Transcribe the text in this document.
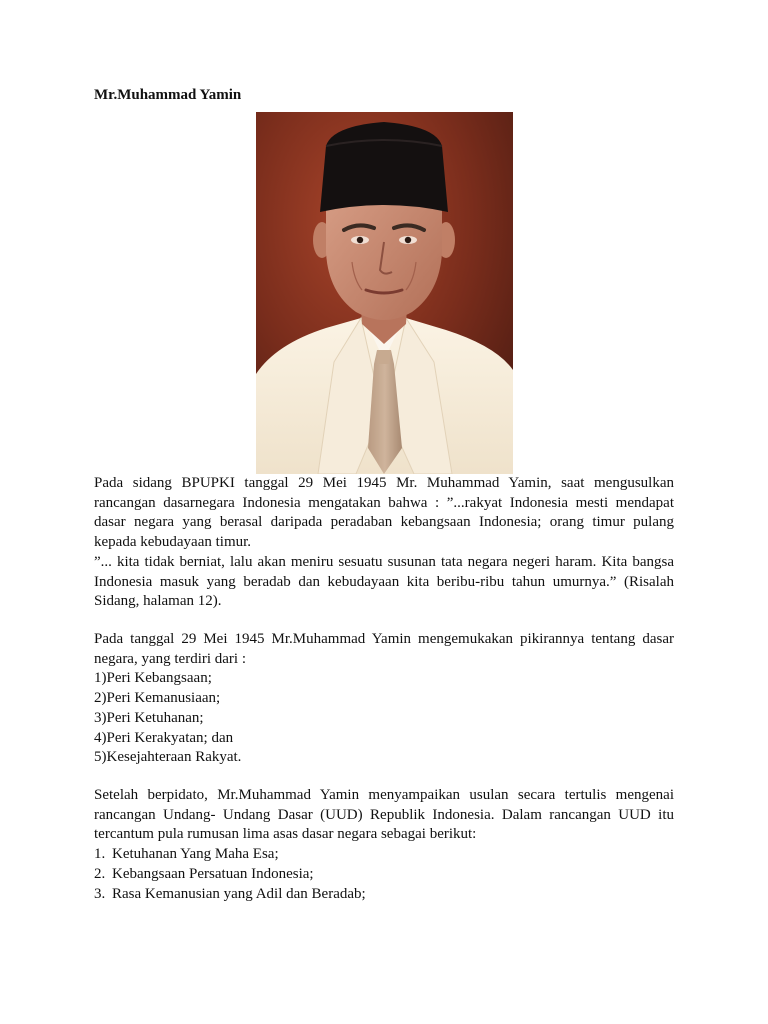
Mr.Muhammad Yamin
Pada sidang BPUPKI tanggal 29 Mei 1945 Mr. Muhammad Yamin, saat mengusulkan rancangan dasarnegara Indonesia mengatakan bahwa : ”...rakyat Indonesia mesti mendapat dasar negara yang berasal daripada peradaban kebangsaan Indonesia; orang timur pulang kepada kebudayaan timur.
”... kita tidak berniat, lalu akan meniru sesuatu susunan tata negara negeri haram. Kita bangsa Indonesia masuk yang beradab dan kebudayaan kita beribu-ribu tahun umurnya.” (Risalah Sidang, halaman 12).
Pada tanggal 29 Mei 1945 Mr.Muhammad Yamin mengemukakan pikirannya tentang dasar negara, yang terdiri dari :
1)Peri Kebangsaan;
2)Peri Kemanusiaan;
3)Peri Ketuhanan;
4)Peri Kerakyatan; dan
5)Kesejahteraan Rakyat.
Setelah berpidato, Mr.Muhammad Yamin menyampaikan usulan secara tertulis mengenai rancangan Undang- Undang Dasar (UUD) Republik Indonesia. Dalam rancangan UUD itu tercantum pula rumusan lima asas dasar negara sebagai berikut:
1. Ketuhanan Yang Maha Esa;
2. Kebangsaan Persatuan Indonesia;
3. Rasa Kemanusian yang Adil dan Beradab;
